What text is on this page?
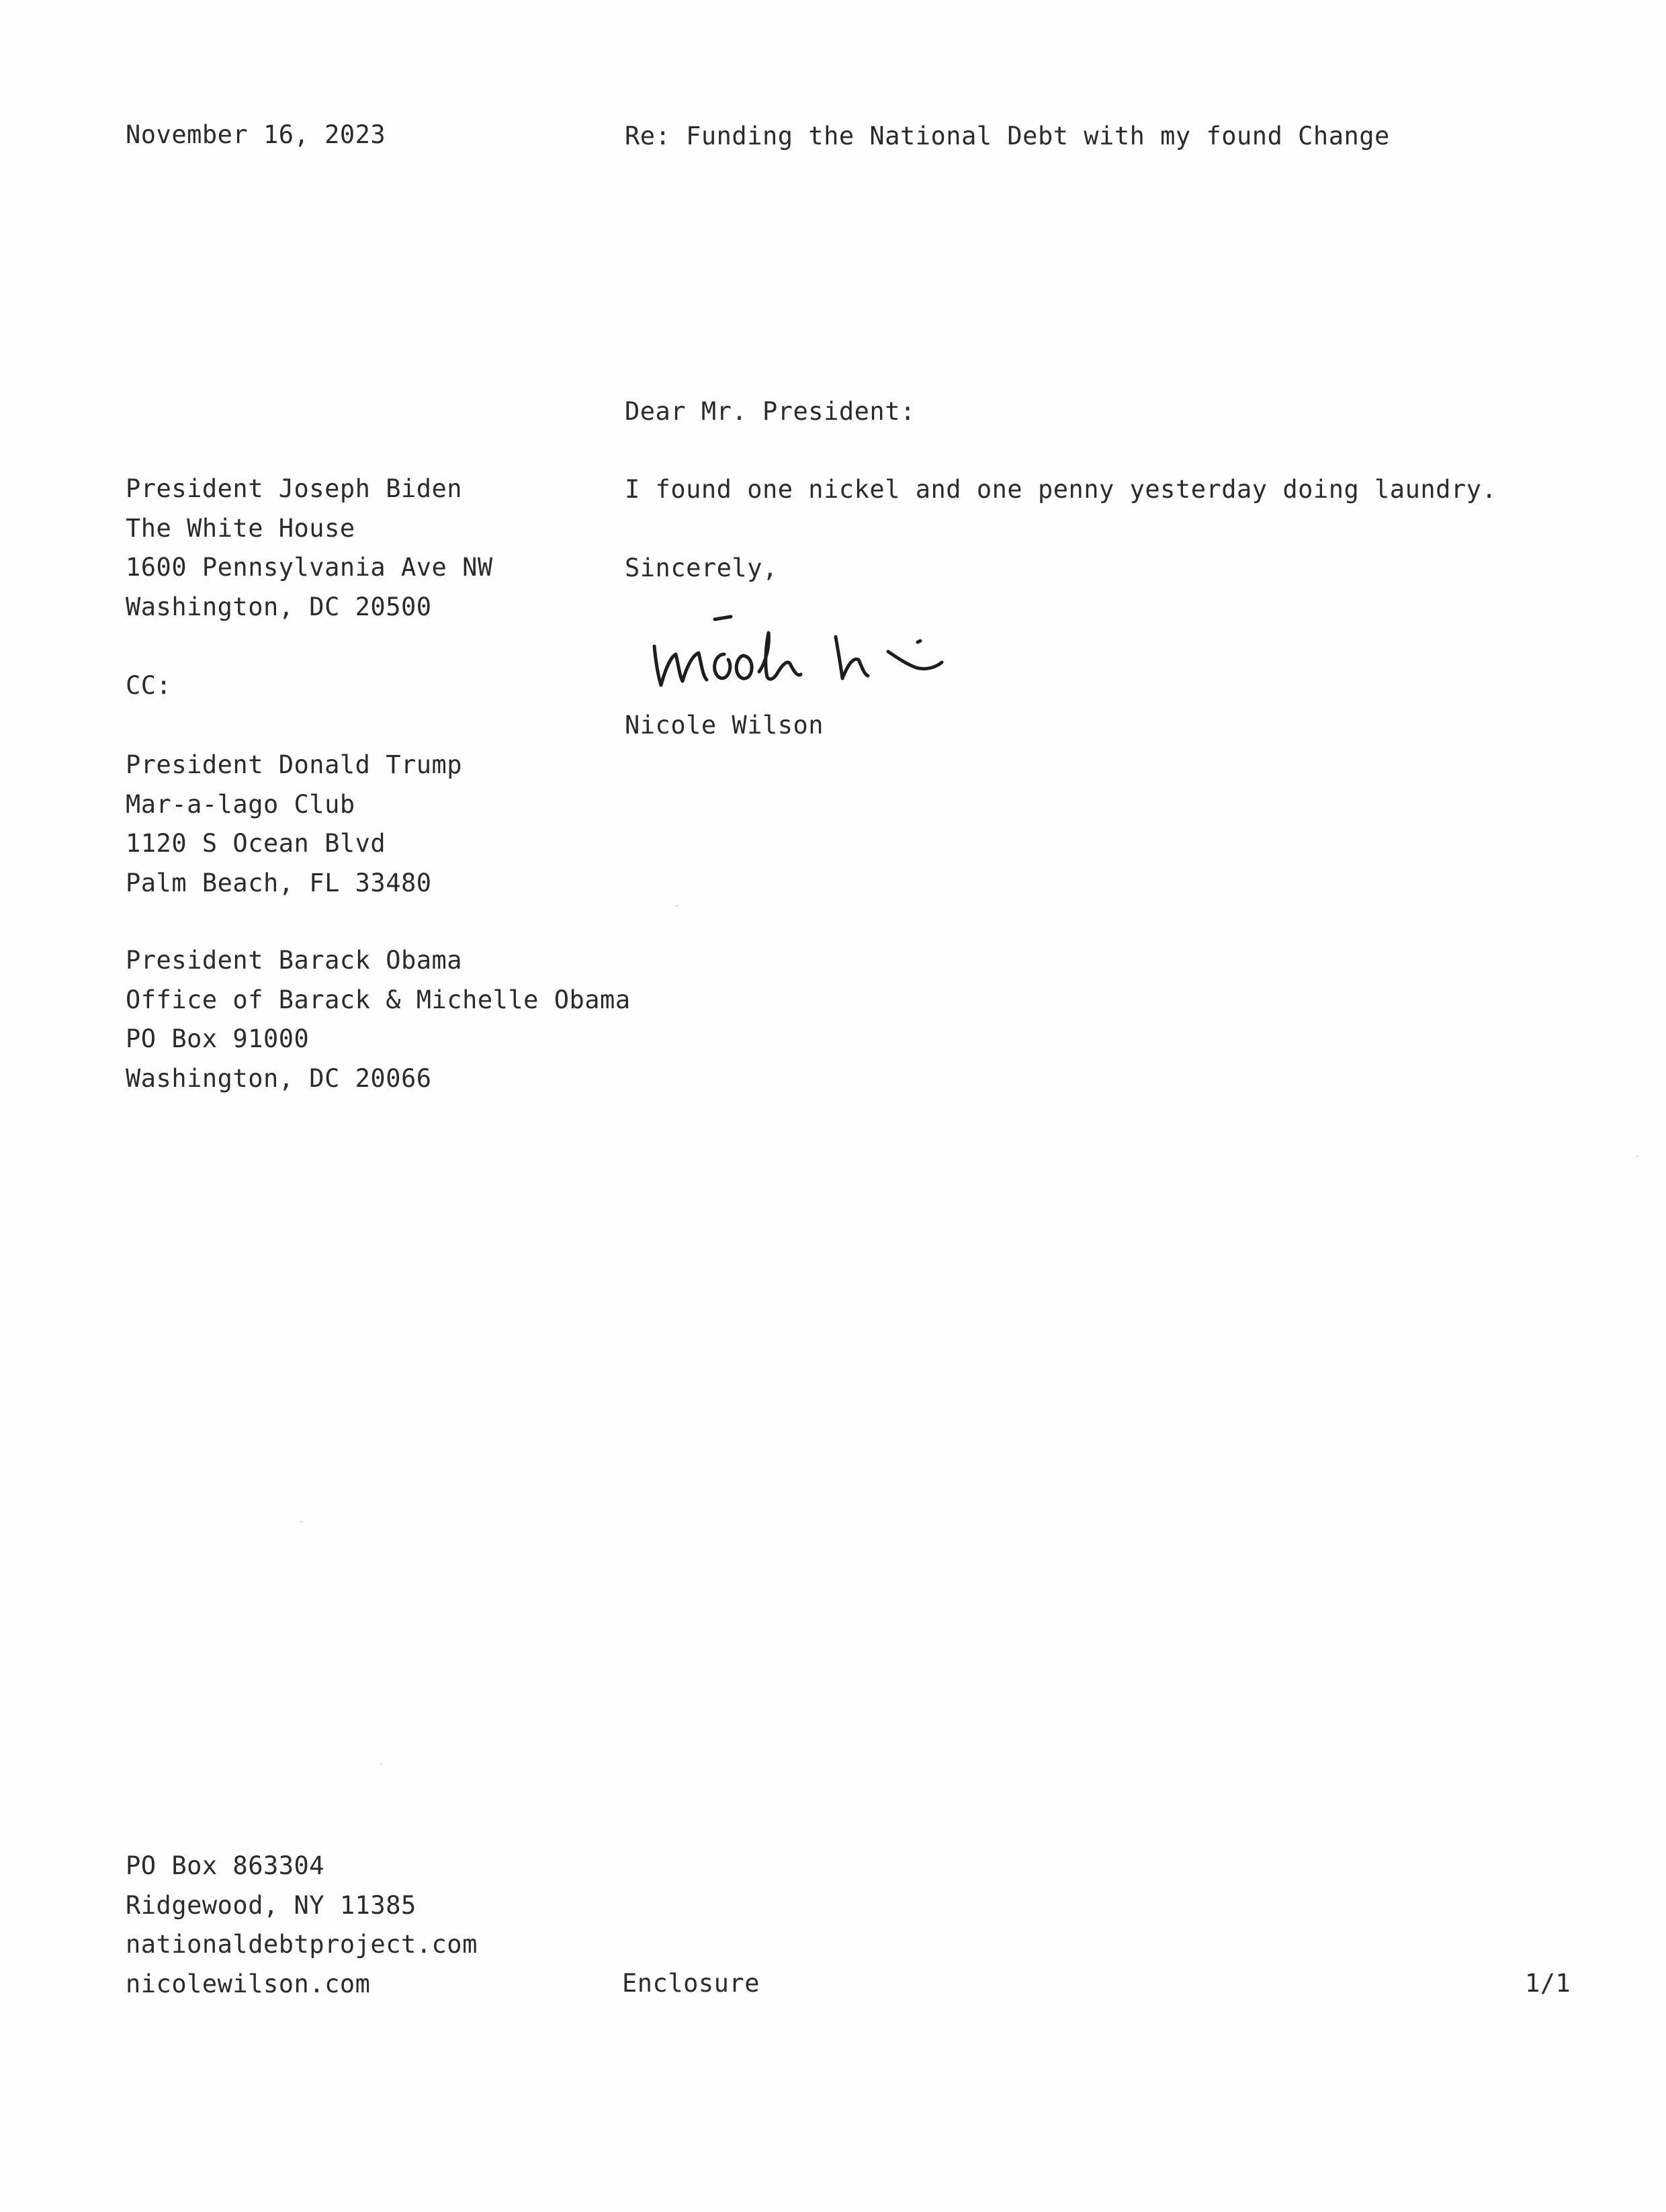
November 16, 2023	Re: Funding the National Debt with my found Change
Dear Mr. President:
President Joseph Biden
The White House
1600 Pennsylvania Ave NW
Washington, DC 20500
I found one nickel and one penny yesterday doing laundry.
Sincerely,
Nicole Wilson
CC:
President Donald Trump
Mar-a-lago Club
1120 S Ocean Blvd
Palm Beach, FL 33480
President Barack Obama
Office of Barack & Michelle Obama
PO Box 91000
Washington, DC 20066
PO Box 863304
Ridgewood, NY 11385
nationaldebtproject.com
nicolewilson.com	Enclosure	1/1
